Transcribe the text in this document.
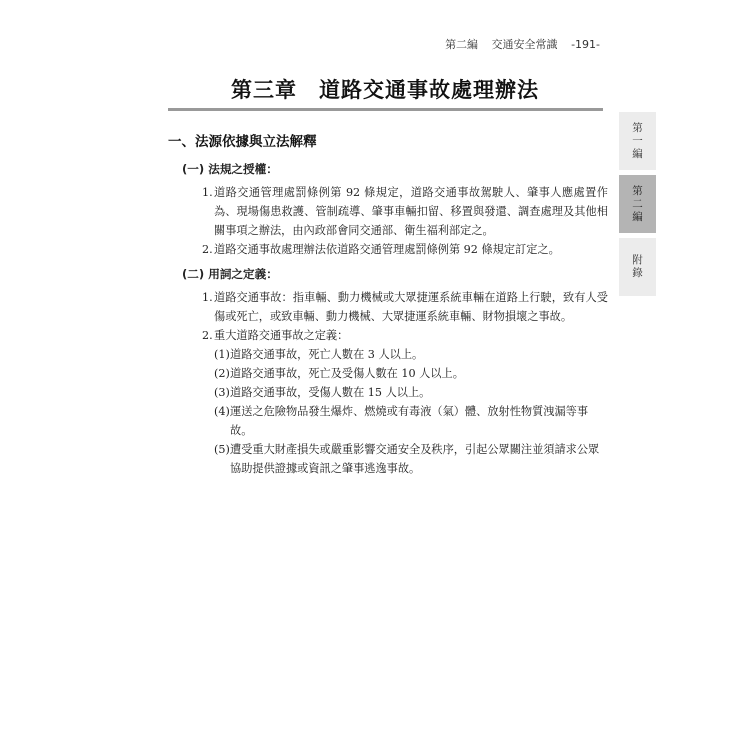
第二編 交通安全常識 -191-
第三章 道路交通事故處理辦法
第
一
編
第
二
編
附
錄
一、法源依據與立法解釋
(一) 法規之授權：
1. 道路交通管理處罰條例第 92 條規定，道路交通事故駕駛人、肇事人應處置作為、現場傷患救護、管制疏導、肇事車輛扣留、移置與發還、調查處理及其他相關事項之辦法，由內政部會同交通部、衛生福利部定之。
2. 道路交通事故處理辦法依道路交通管理處罰條例第 92 條規定訂定之。
(二) 用詞之定義：
1. 道路交通事故：指車輛、動力機械或大眾捷運系統車輛在道路上行駛，致有人受傷或死亡，或致車輛、動力機械、大眾捷運系統車輛、財物損壞之事故。
2. 重大道路交通事故之定義：
(1) 道路交通事故，死亡人數在 3 人以上。
(2) 道路交通事故，死亡及受傷人數在 10 人以上。
(3) 道路交通事故，受傷人數在 15 人以上。
(4) 運送之危險物品發生爆炸、燃燒或有毒液（氣）體、放射性物質洩漏等事故。
(5) 遭受重大財產損失或嚴重影響交通安全及秩序，引起公眾關注並須請求公眾協助提供證據或資訊之肇事逃逸事故。
